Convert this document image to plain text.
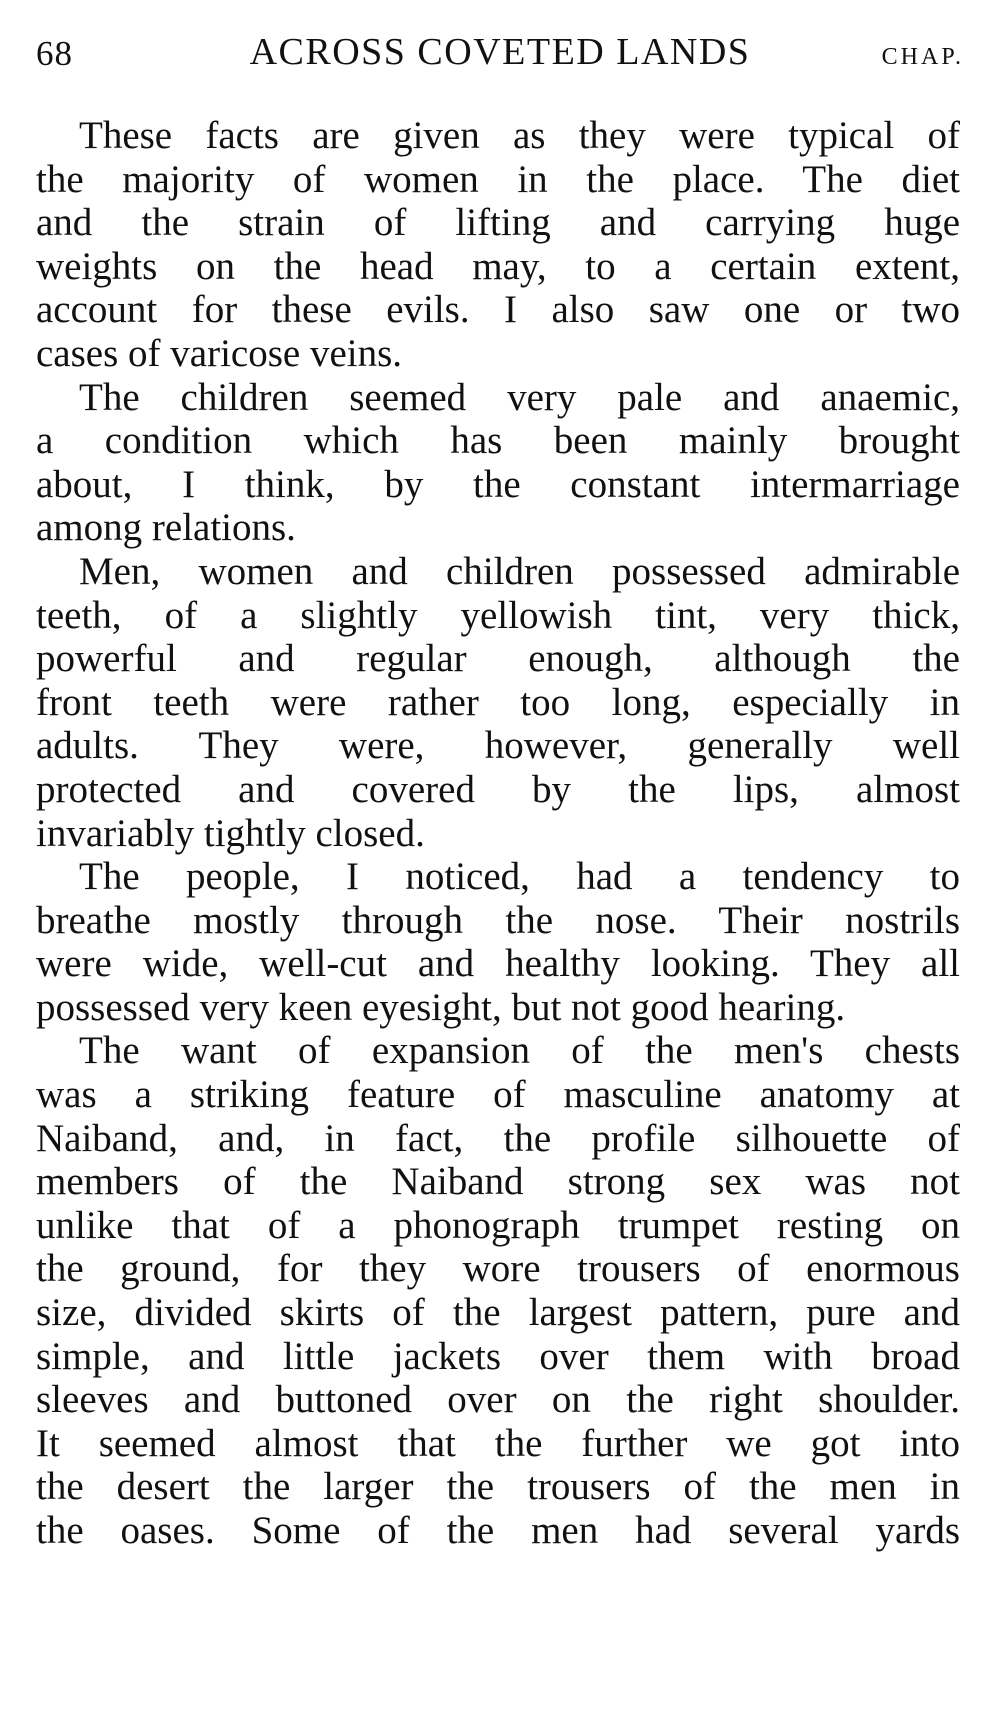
68	ACROSS COVETED LANDS	CHAP.
These facts are given as they were typical of
the majority of women in the place. The diet
and the strain of lifting and carrying huge
weights on the head may, to a certain extent,
account for these evils. I also saw one or two
cases of varicose veins.
The children seemed very pale and anaemic,
a condition which has been mainly brought
about, I think, by the constant intermarriage
among relations.
Men, women and children possessed admirable
teeth, of a slightly yellowish tint, very thick,
powerful and regular enough, although the
front teeth were rather too long, especially in
adults. They were, however, generally well
protected and covered by the lips, almost
invariably tightly closed.
The people, I noticed, had a tendency to
breathe mostly through the nose. Their nostrils
were wide, well-cut and healthy looking. They all
possessed very keen eyesight, but not good hearing.
The want of expansion of the men's chests
was a striking feature of masculine anatomy at
Naiband, and, in fact, the profile silhouette of
members of the Naiband strong sex was not
unlike that of a phonograph trumpet resting on
the ground, for they wore trousers of enormous
size, divided skirts of the largest pattern, pure and
simple, and little jackets over them with broad
sleeves and buttoned over on the right shoulder.
It seemed almost that the further we got into
the desert the larger the trousers of the men in
the oases. Some of the men had several yards
